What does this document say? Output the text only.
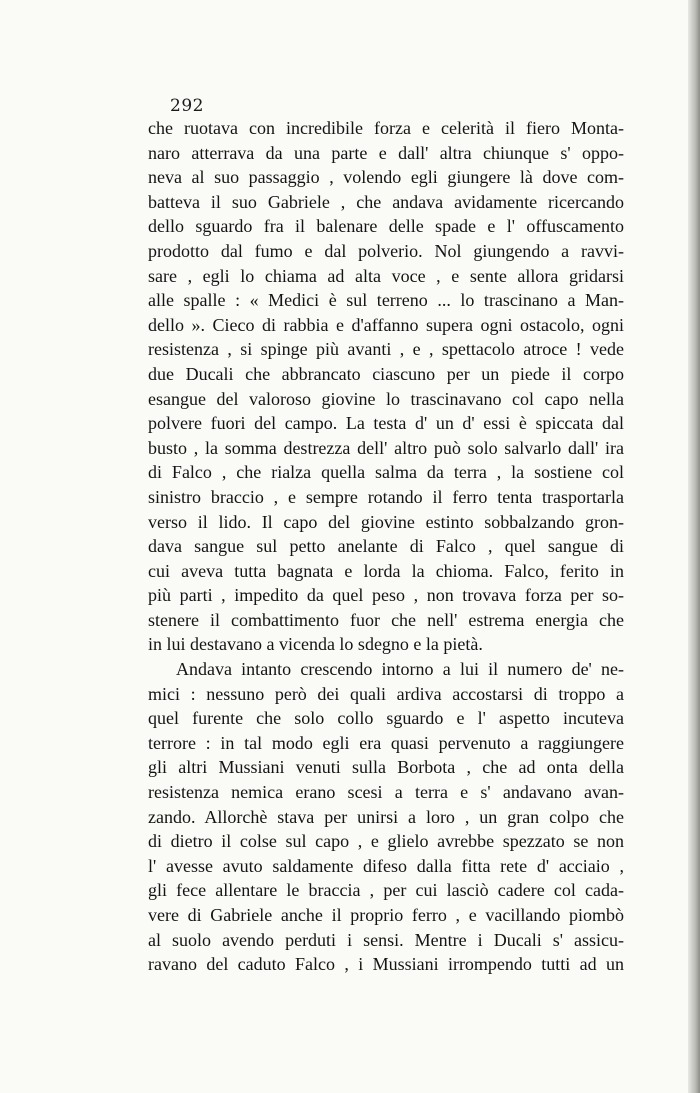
292
che ruotava con incredibile forza e celerità il fiero Monta-
naro atterrava da una parte e dall' altra chiunque s' oppo-
neva al suo passaggio , volendo egli giungere là dove com-
batteva il suo Gabriele , che andava avidamente ricercando
dello sguardo fra il balenare delle spade e l' offuscamento
prodotto dal fumo e dal polverio. Nol giungendo a ravvi-
sare , egli lo chiama ad alta voce , e sente allora gridarsi
alle spalle : « Medici è sul terreno ... lo trascinano a Man-
dello ». Cieco di rabbia e d'affanno supera ogni ostacolo, ogni
resistenza , si spinge più avanti , e , spettacolo atroce ! vede
due Ducali che abbrancato ciascuno per un piede il corpo
esangue del valoroso giovine lo trascinavano col capo nella
polvere fuori del campo. La testa d' un d' essi è spiccata dal
busto , la somma destrezza dell' altro può solo salvarlo dall' ira
di Falco , che rialza quella salma da terra , la sostiene col
sinistro braccio , e sempre rotando il ferro tenta trasportarla
verso il lido. Il capo del giovine estinto sobbalzando gron-
dava sangue sul petto anelante di Falco , quel sangue di
cui aveva tutta bagnata e lorda la chioma. Falco, ferito in
più parti , impedito da quel peso , non trovava forza per so-
stenere il combattimento fuor che nell' estrema energia che
in lui destavano a vicenda lo sdegno e la pietà.
Andava intanto crescendo intorno a lui il numero de' ne-
mici : nessuno però dei quali ardiva accostarsi di troppo a
quel furente che solo collo sguardo e l' aspetto incuteva
terrore : in tal modo egli era quasi pervenuto a raggiungere
gli altri Mussiani venuti sulla Borbota , che ad onta della
resistenza nemica erano scesi a terra e s' andavano avan-
zando. Allorchè stava per unirsi a loro , un gran colpo che
di dietro il colse sul capo , e glielo avrebbe spezzato se non
l' avesse avuto saldamente difeso dalla fitta rete d' acciaio ,
gli fece allentare le braccia , per cui lasciò cadere col cada-
vere di Gabriele anche il proprio ferro , e vacillando piombò
al suolo avendo perduti i sensi. Mentre i Ducali s' assicu-
ravano del caduto Falco , i Mussiani irrompendo tutti ad un
